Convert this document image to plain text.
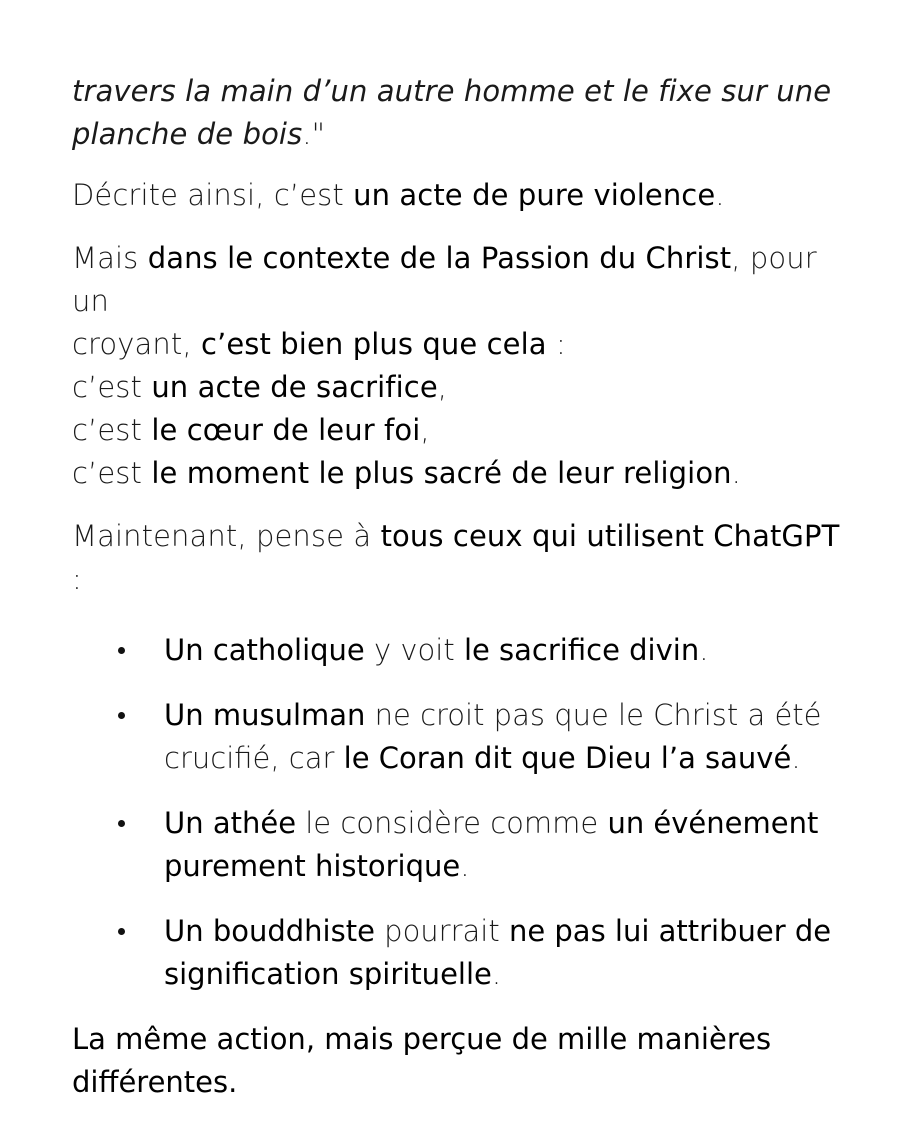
travers la main d’un autre homme et le fixe sur une
planche de bois."

Décrite ainsi, c’est un acte de pure violence.

Mais dans le contexte de la Passion du Christ, pour un
croyant, c’est bien plus que cela :
c’est un acte de sacrifice,
c’est le cœur de leur foi,
c’est le moment le plus sacré de leur religion.

Maintenant, pense à tous ceux qui utilisent ChatGPT :

Un catholique y voit le sacrifice divin.
Un musulman ne croit pas que le Christ a été
crucifié, car le Coran dit que Dieu l’a sauvé.
Un athée le considère comme un événement
purement historique.
Un bouddhiste pourrait ne pas lui attribuer de
signification spirituelle.

La même action, mais perçue de mille manières
différentes.
